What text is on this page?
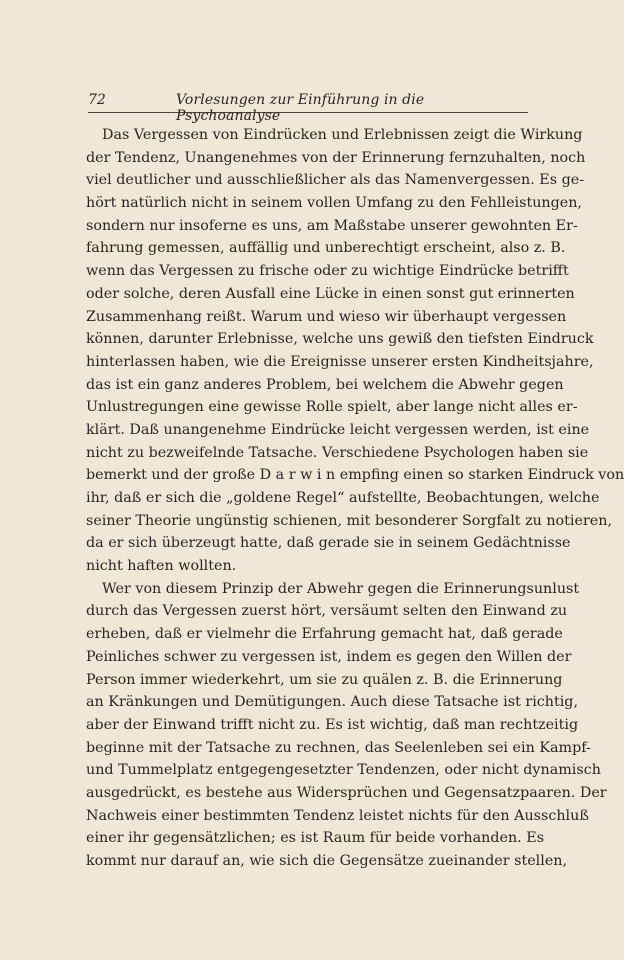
72	Vorlesungen zur Einführung in die Psychoanalyse
Das Vergessen von Eindrücken und Erlebnissen zeigt die Wirkung
der Tendenz, Unangenehmes von der Erinnerung fernzuhalten, noch
viel deutlicher und ausschließlicher als das Namenvergessen. Es ge-
hört natürlich nicht in seinem vollen Umfang zu den Fehlleistungen,
sondern nur insoferne es uns, am Maßstabe unserer gewohnten Er-
fahrung gemessen, auffällig und unberechtigt erscheint, also z. B.
wenn das Vergessen zu frische oder zu wichtige Eindrücke betrifft
oder solche, deren Ausfall eine Lücke in einen sonst gut erinnerten
Zusammenhang reißt. Warum und wieso wir überhaupt vergessen
können, darunter Erlebnisse, welche uns gewiß den tiefsten Eindruck
hinterlassen haben, wie die Ereignisse unserer ersten Kindheitsjahre,
das ist ein ganz anderes Problem, bei welchem die Abwehr gegen
Unlustregungen eine gewisse Rolle spielt, aber lange nicht alles er-
klärt. Daß unangenehme Eindrücke leicht vergessen werden, ist eine
nicht zu bezweifelnde Tatsache. Verschiedene Psychologen haben sie
bemerkt und der große D a r w i n empfing einen so starken Eindruck von
ihr, daß er sich die „goldene Regel“ aufstellte, Beobachtungen, welche
seiner Theorie ungünstig schienen, mit besonderer Sorgfalt zu notieren,
da er sich überzeugt hatte, daß gerade sie in seinem Gedächtnisse
nicht haften wollten.
Wer von diesem Prinzip der Abwehr gegen die Erinnerungsunlust
durch das Vergessen zuerst hört, versäumt selten den Einwand zu
erheben, daß er vielmehr die Erfahrung gemacht hat, daß gerade
Peinliches schwer zu vergessen ist, indem es gegen den Willen der
Person immer wiederkehrt, um sie zu quälen z. B. die Erinnerung
an Kränkungen und Demütigungen. Auch diese Tatsache ist richtig,
aber der Einwand trifft nicht zu. Es ist wichtig, daß man rechtzeitig
beginne mit der Tatsache zu rechnen, das Seelenleben sei ein Kampf-
und Tummelplatz entgegengesetzter Tendenzen, oder nicht dynamisch
ausgedrückt, es bestehe aus Widersprüchen und Gegensatzpaaren. Der
Nachweis einer bestimmten Tendenz leistet nichts für den Ausschluß
einer ihr gegensätzlichen; es ist Raum für beide vorhanden. Es
kommt nur darauf an, wie sich die Gegensätze zueinander stellen,
